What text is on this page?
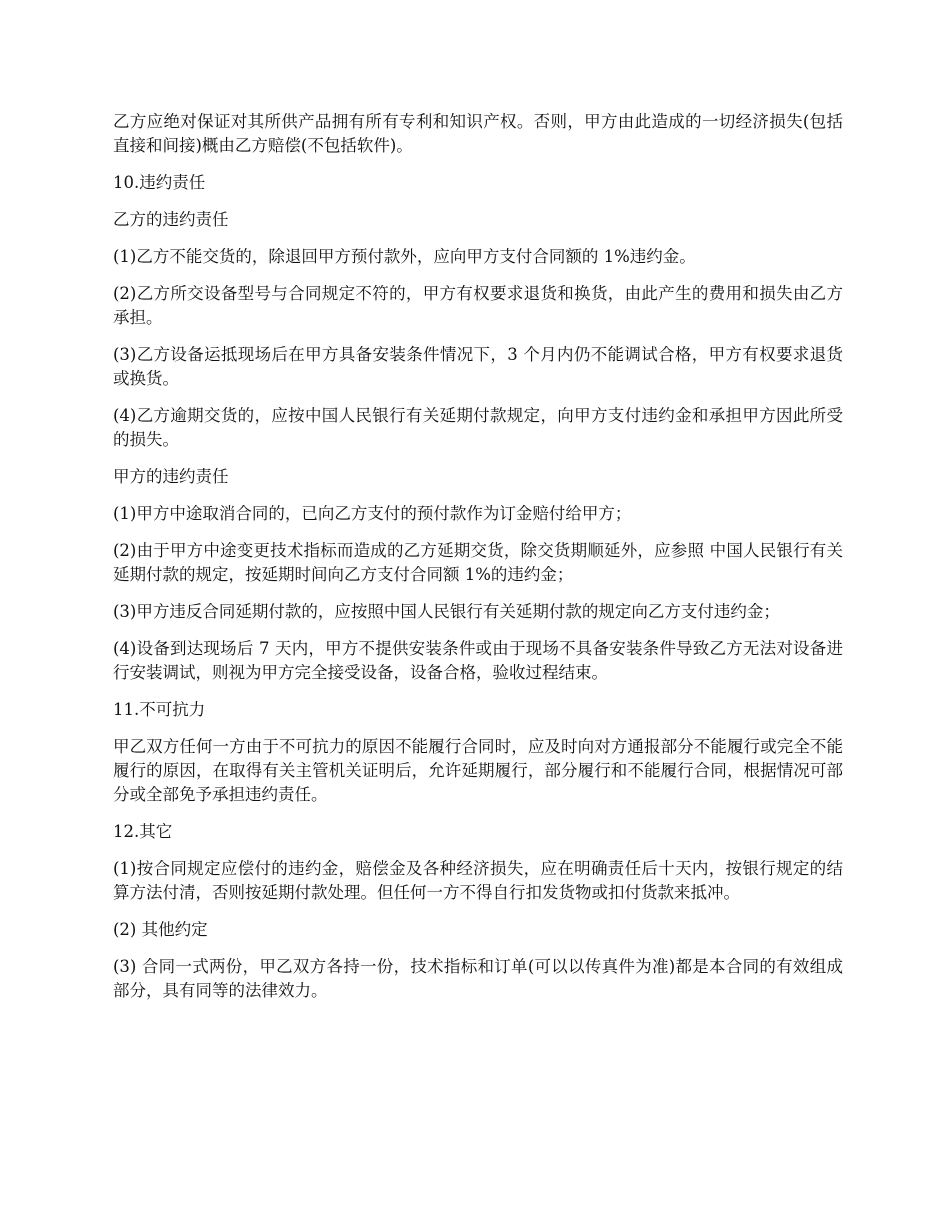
乙方应绝对保证对其所供产品拥有所有专利和知识产权。否则，甲方由此造成的一切经济损失(包括直接和间接)概由乙方赔偿(不包括软件)。

10.违约责任

乙方的违约责任

(1)乙方不能交货的，除退回甲方预付款外，应向甲方支付合同额的 1%违约金。

(2)乙方所交设备型号与合同规定不符的，甲方有权要求退货和换货，由此产生的费用和损失由乙方承担。

(3)乙方设备运抵现场后在甲方具备安装条件情况下，3 个月内仍不能调试合格，甲方有权要求退货或换货。

(4)乙方逾期交货的，应按中国人民银行有关延期付款规定，向甲方支付违约金和承担甲方因此所受的损失。

甲方的违约责任

(1)甲方中途取消合同的，已向乙方支付的预付款作为订金赔付给甲方；

(2)由于甲方中途变更技术指标而造成的乙方延期交货，除交货期顺延外，应参照 中国人民银行有关延期付款的规定，按延期时间向乙方支付合同额 1%的违约金；

(3)甲方违反合同延期付款的，应按照中国人民银行有关延期付款的规定向乙方支付违约金；

(4)设备到达现场后 7 天内，甲方不提供安装条件或由于现场不具备安装条件导致乙方无法对设备进行安装调试，则视为甲方完全接受设备，设备合格，验收过程结束。

11.不可抗力

甲乙双方任何一方由于不可抗力的原因不能履行合同时，应及时向对方通报部分不能履行或完全不能履行的原因，在取得有关主管机关证明后，允许延期履行，部分履行和不能履行合同，根据情况可部分或全部免予承担违约责任。

12.其它

(1)按合同规定应偿付的违约金，赔偿金及各种经济损失，应在明确责任后十天内，按银行规定的结算方法付清，否则按延期付款处理。但任何一方不得自行扣发货物或扣付货款来抵冲。

(2) 其他约定

(3) 合同一式两份，甲乙双方各持一份，技术指标和订单(可以以传真件为准)都是本合同的有效组成部分，具有同等的法律效力。
